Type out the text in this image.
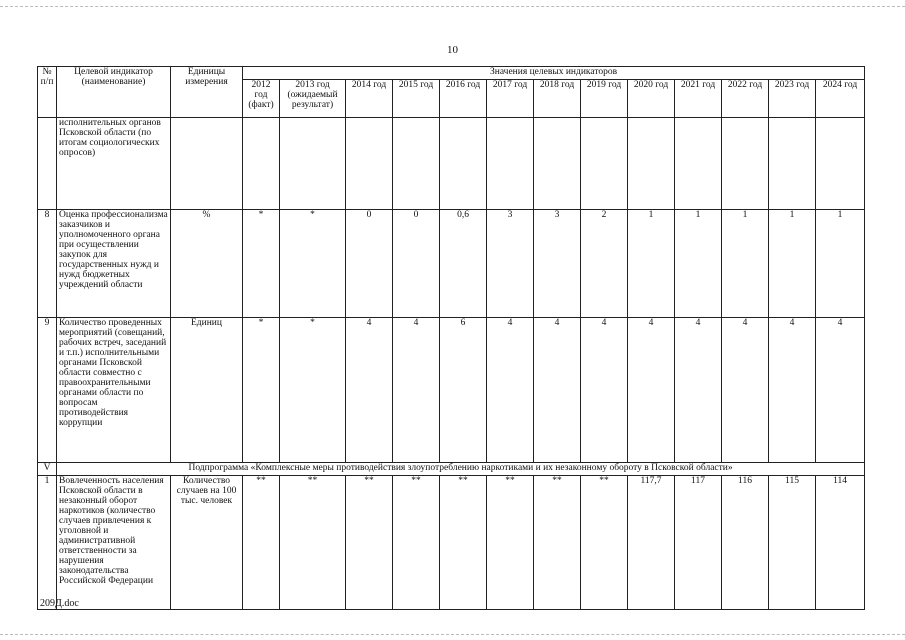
10
№ п/п	Целевой индикатор (наименование)	Единицы измерения	Значения целевых индикаторов												
			2012 год (факт)	2013 год (ожидаемый результат)	2014 год	2015 год	2016 год	2017 год	2018 год	2019 год	2020 год	2021 год	2022 год	2023 год	2024 год
	исполнительных органов Псковской области (по итогам социологических опросов)														
8	Оценка профессионализма заказчиков и уполномоченного органа при осуществлении закупок для государственных нужд и нужд бюджетных учреждений области	%	*	*	0	0	0,6	3	3	2	1	1	1	1	1
9	Количество проведенных мероприятий (совещаний, рабочих встреч, заседаний и т.п.) исполнительными органами Псковской области совместно с правоохранительными органами области по вопросам противодействия коррупции	Единиц	*	*	4	4	6	4	4	4	4	4	4	4	4
V	Подпрограмма «Комплексные меры противодействия злоупотреблению наркотиками и их незаконному обороту в Псковской области»														
1	Вовлеченность населения Псковской области в незаконный оборот наркотиков (количество случаев привлечения к уголовной и административной ответственности за нарушения законодательства Российской Федерации	Количество случаев на 100 тыс. человек	**	**	**	**	**	**	**	**	117,7	117	116	115	114
209Д.doc
